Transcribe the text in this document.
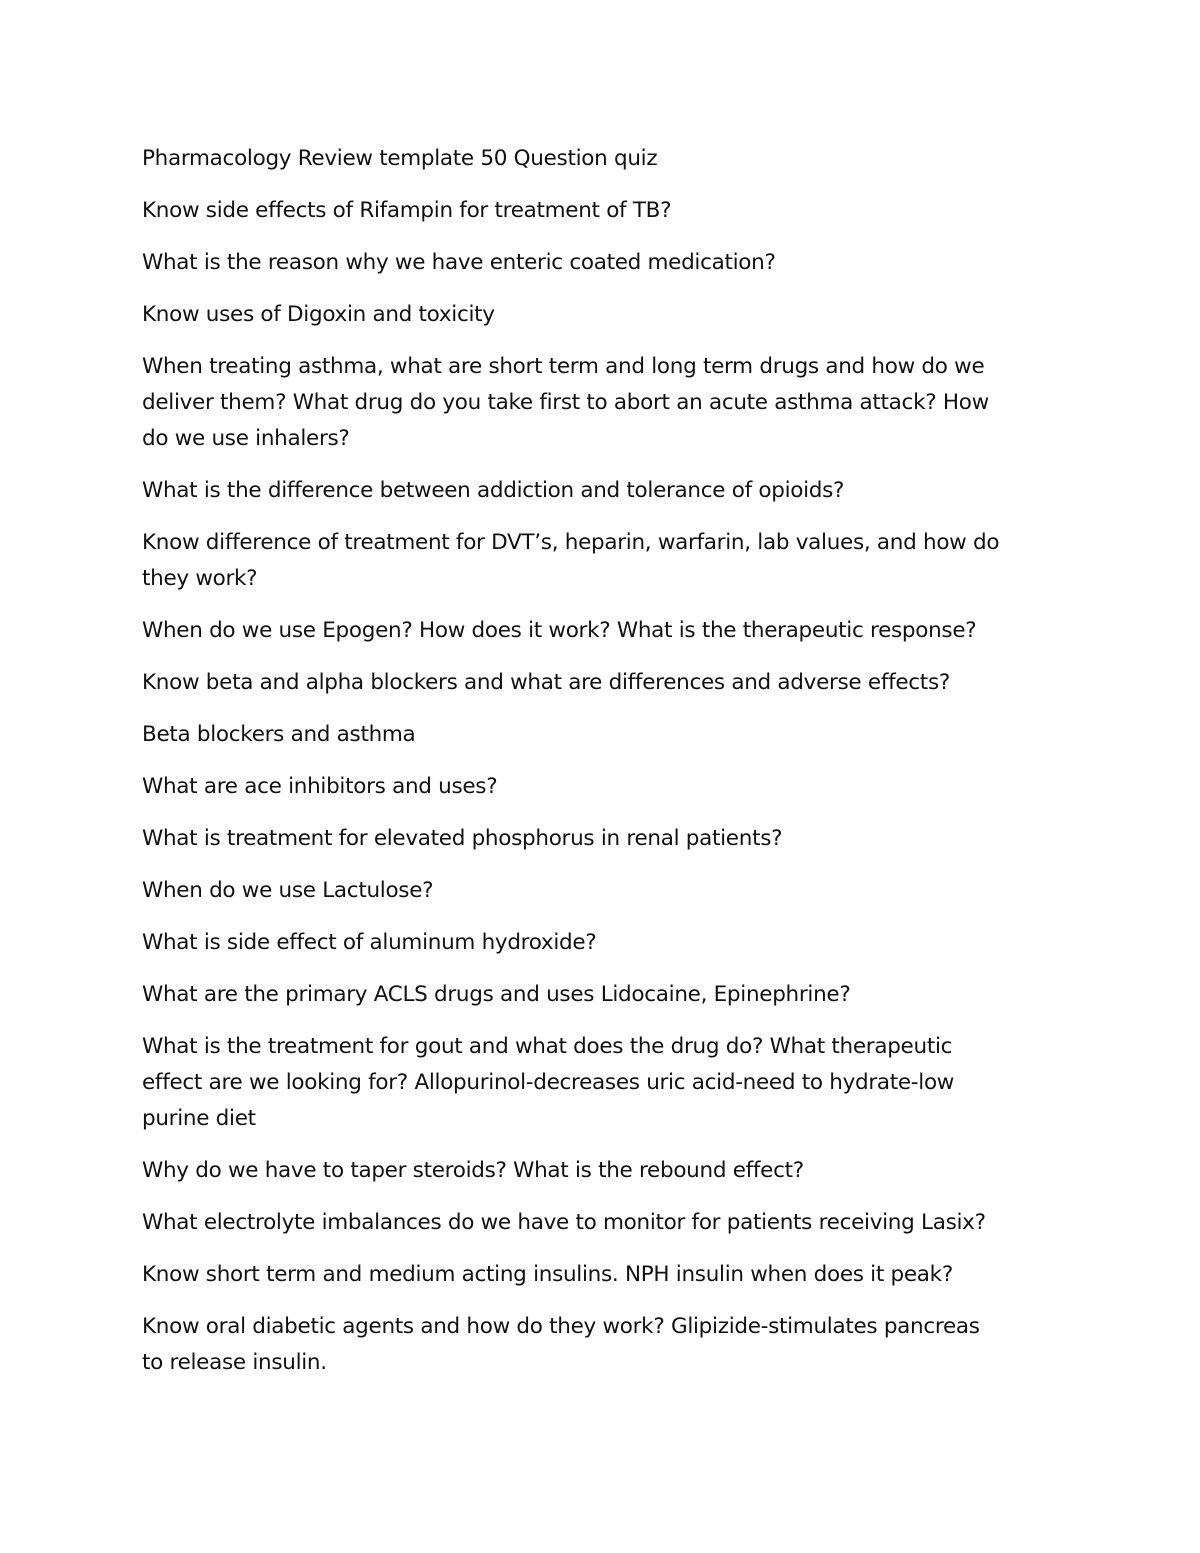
Pharmacology Review template 50 Question quiz

Know side effects of Rifampin for treatment of TB?

What is the reason why we have enteric coated medication?

Know uses of Digoxin and toxicity

When treating asthma, what are short term and long term drugs and how do we
deliver them? What drug do you take first to abort an acute asthma attack? How
do we use inhalers?

What is the difference between addiction and tolerance of opioids?

Know difference of treatment for DVT’s, heparin, warfarin, lab values, and how do
they work?

When do we use Epogen? How does it work? What is the therapeutic response?

Know beta and alpha blockers and what are differences and adverse effects?

Beta blockers and asthma

What are ace inhibitors and uses?

What is treatment for elevated phosphorus in renal patients?

When do we use Lactulose?

What is side effect of aluminum hydroxide?

What are the primary ACLS drugs and uses Lidocaine, Epinephrine?

What is the treatment for gout and what does the drug do? What therapeutic
effect are we looking for? Allopurinol-decreases uric acid-need to hydrate-low
purine diet

Why do we have to taper steroids? What is the rebound effect?

What electrolyte imbalances do we have to monitor for patients receiving Lasix?

Know short term and medium acting insulins. NPH insulin when does it peak?

Know oral diabetic agents and how do they work? Glipizide-stimulates pancreas
to release insulin.
